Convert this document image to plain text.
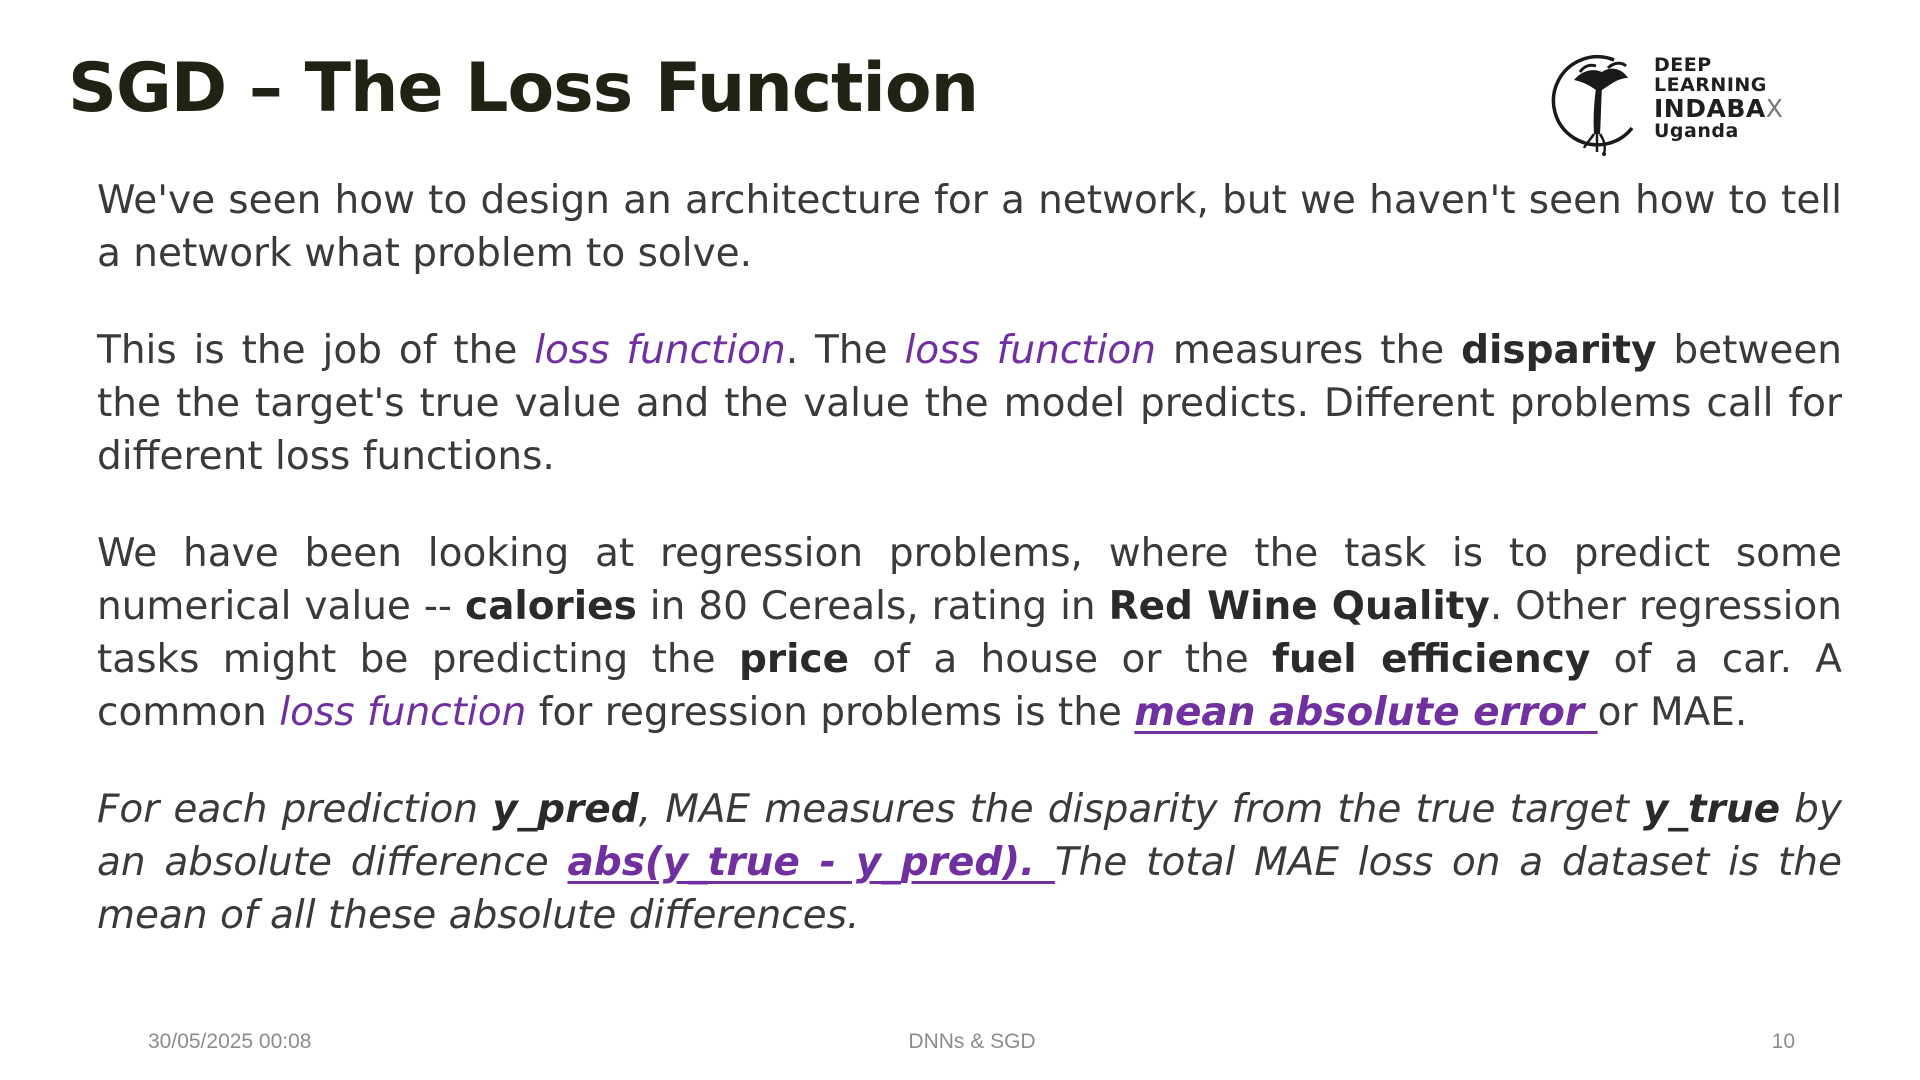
SGD – The Loss Function	DEEP
LEARNING
INDABAX
Uganda

We've seen how to design an architecture for a network, but we haven't seen how to tell a network what problem to solve.

This is the job of the loss function. The loss function measures the disparity between the the target's true value and the value the model predicts. Different problems call for different loss functions.

We have been looking at regression problems, where the task is to predict some numerical value -- calories in 80 Cereals, rating in Red Wine Quality. Other regression tasks might be predicting the price of a house or the fuel efficiency of a car. A common loss function for regression problems is the mean absolute error or MAE.

For each prediction y_pred, MAE measures the disparity from the true target y_true by an absolute difference abs(y_true - y_pred). The total MAE loss on a dataset is the mean of all these absolute differences.

30/05/2025 00:08	DNNs & SGD	10
